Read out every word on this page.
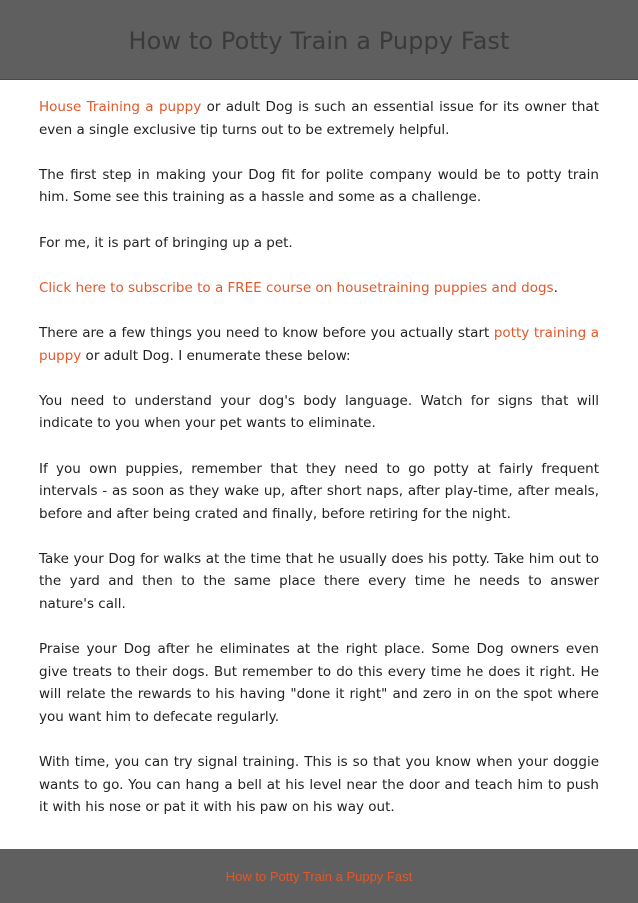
How to Potty Train a Puppy Fast

House Training a puppy or adult Dog is such an essential issue for its owner that even a single exclusive tip turns out to be extremely helpful.

The first step in making your Dog fit for polite company would be to potty train him. Some see this training as a hassle and some as a challenge.

For me, it is part of bringing up a pet.

Click here to subscribe to a FREE course on housetraining puppies and dogs.

There are a few things you need to know before you actually start potty training a puppy or adult Dog. I enumerate these below:

You need to understand your dog's body language. Watch for signs that will indicate to you when your pet wants to eliminate.

If you own puppies, remember that they need to go potty at fairly frequent intervals - as soon as they wake up, after short naps, after play-time, after meals, before and after being crated and finally, before retiring for the night.

Take your Dog for walks at the time that he usually does his potty. Take him out to the yard and then to the same place there every time he needs to answer nature's call.

Praise your Dog after he eliminates at the right place. Some Dog owners even give treats to their dogs. But remember to do this every time he does it right. He will relate the rewards to his having "done it right" and zero in on the spot where you want him to defecate regularly.

With time, you can try signal training. This is so that you know when your doggie wants to go. You can hang a bell at his level near the door and teach him to push it with his nose or pat it with his paw on his way out.

How to Potty Train a Puppy Fast
